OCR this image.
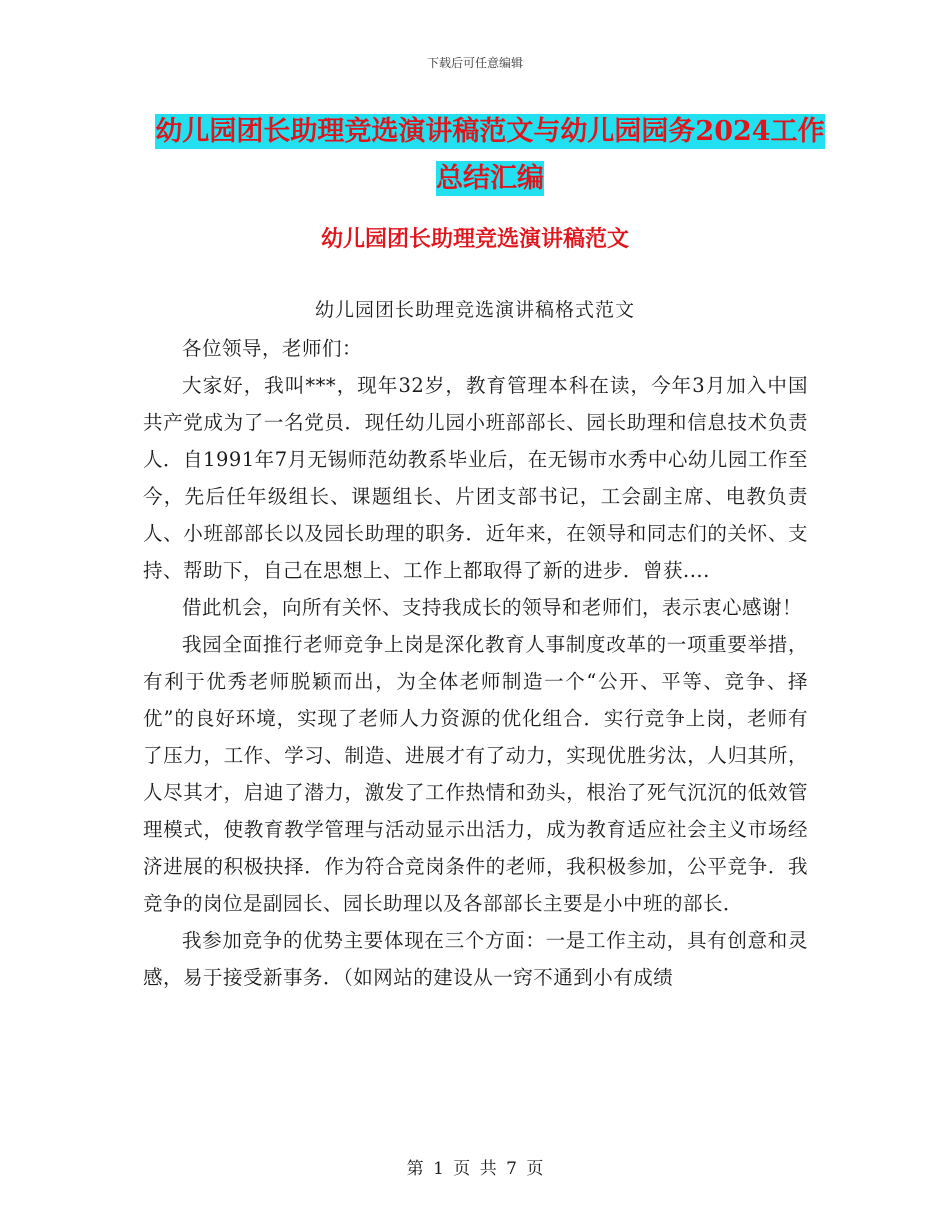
下载后可任意编辑
幼儿园团长助理竞选演讲稿范文与幼儿园园务2024工作总结汇编
幼儿园团长助理竞选演讲稿范文
幼儿园团长助理竞选演讲稿格式范文

各位领导，老师们：

大家好，我叫***，现年32岁，教育管理本科在读，今年3月加入中国共产党成为了一名党员．现任幼儿园小班部部长、园长助理和信息技术负责人．自1991年7月无锡师范幼教系毕业后，在无锡市水秀中心幼儿园工作至今，先后任年级组长、课题组长、片团支部书记，工会副主席、电教负责人、小班部部长以及园长助理的职务．近年来，在领导和同志们的关怀、支持、帮助下，自己在思想上、工作上都取得了新的进步．曾获....

借此机会，向所有关怀、支持我成长的领导和老师们，表示衷心感谢！

我园全面推行老师竞争上岗是深化教育人事制度改革的一项重要举措，有利于优秀老师脱颖而出，为全体老师制造一个“公开、平等、竞争、择优”的良好环境，实现了老师人力资源的优化组合．实行竞争上岗，老师有了压力，工作、学习、制造、进展才有了动力，实现优胜劣汰，人归其所，人尽其才，启迪了潜力，激发了工作热情和劲头，根治了死气沉沉的低效管理模式，使教育教学管理与活动显示出活力，成为教育适应社会主义市场经济进展的积极抉择．作为符合竞岗条件的老师，我积极参加，公平竞争．我竞争的岗位是副园长、园长助理以及各部部长主要是小中班的部长．

我参加竞争的优势主要体现在三个方面：一是工作主动，具有创意和灵感，易于接受新事务．（如网站的建设从一窍不通到小有成绩

第 1 页 共 7 页
